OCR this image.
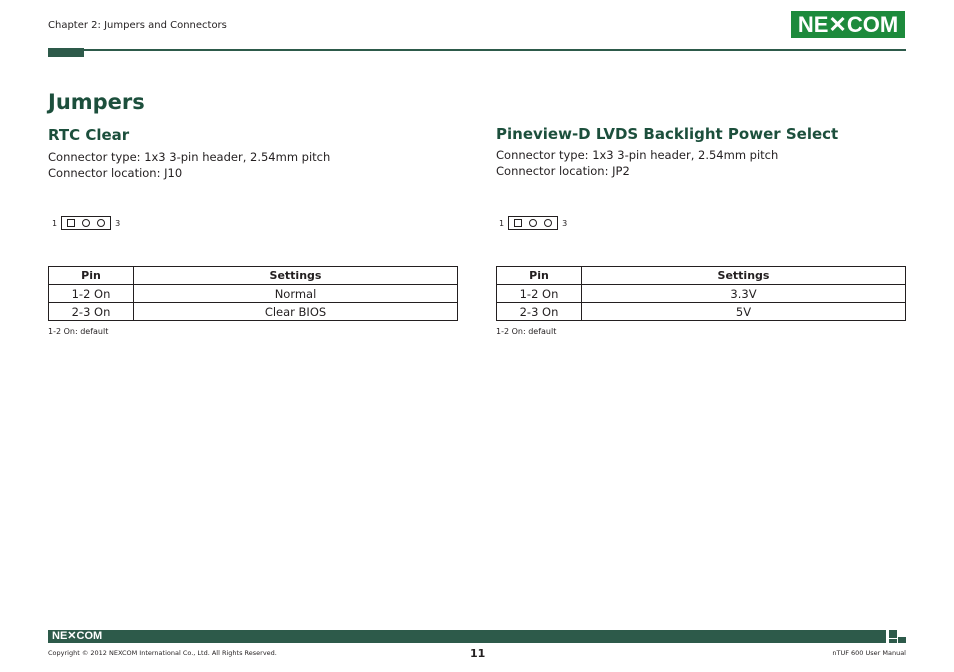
Chapter 2: Jumpers and Connectors	NE ✕ COM
Jumpers
RTC Clear
Connector type: 1x3 3-pin header, 2.54mm pitch
Connector location: J10
1	3
Pin	Settings
1-2 On	Normal
2-3 On	Clear BIOS
1-2 On: default
Pineview-D LVDS Backlight Power Select
Connector type: 1x3 3-pin header, 2.54mm pitch
Connector location: JP2
1	3
Pin	Settings
1-2 On	3.3V
2-3 On	5V
1-2 On: default
NE✕COM
Copyright © 2012 NEXCOM International Co., Ltd. All Rights Reserved.	11	nTUF 600 User Manual
